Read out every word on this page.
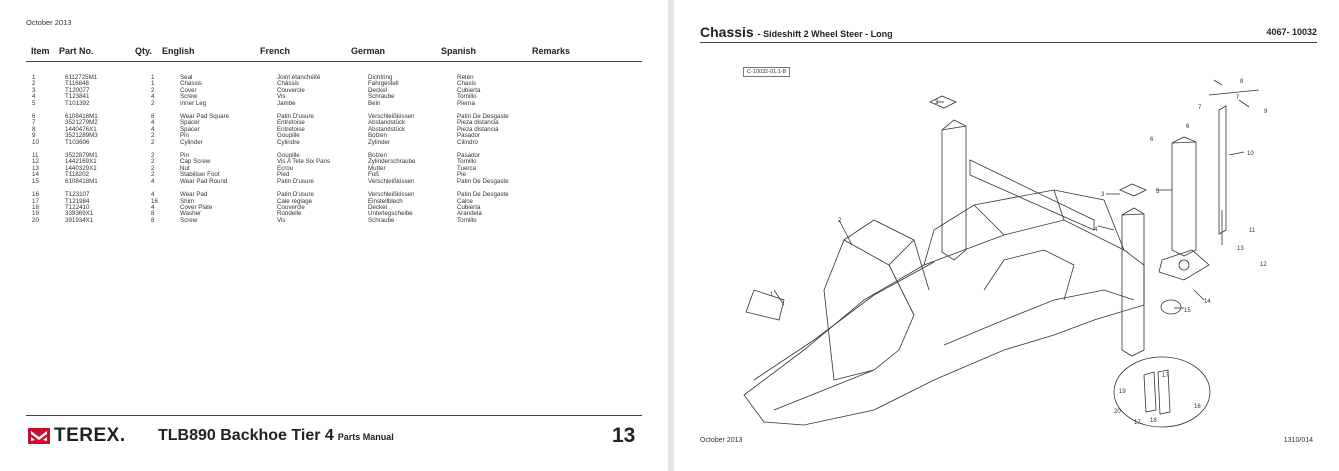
October 2013
Item Part No.	Qty. English	French	German	Spanish	Remarks
1	6112725M1	1	Seal	Joint étanchéité	Dichtring	Retén
2	T116848	1	Chassis	Châssis	Fahrgestell	Chasis
3	T120077	2	Cover	Couvercle	Deckel	Cubierta
4	T123841	4	Screw	Vis	Schraube	Tornillo
5	T101392	2	Inner Leg	Jambe	Bein	Pierna

6	6108416M1	8	Wear Pad Square	Patin D'usure	Verschleißkissen	Patin De Desgaste
7	3521279M2	4	Spacer	Entretoise	Abstandstück	Pieza distancia
8	1440476X1	4	Spacer	Entretoise	Abstandstück	Pieza distancia
9	3521289M3	2	Pin	Goupille	Bolzen	Pasador
10	T103606	2	Cylinder	Cylindre	Zylinder	Cilindro

11	3522879M1	2	Pin	Goupille	Bolzen	Pasador
12	1442169X1	2	Cap Screw	Vis A Tete Six Pans	Zylinderschraube	Tornillo
13	1440329X1	2	Nut	Ecrou	Mutter	Tuerca
14	T118202	2	Stabiliser Foot	Pied	Fuß	Pie
15	6108418M1	4	Wear Pad Round	Patin D'usure	Verschleißkissen	Patin De Desgaste

16	T123107	4	Wear Pad	Patin D'usure	Verschleißkissen	Patin De Desgaste
17	T121984	16	Shim	Cale réglage	Einstellblech	Calce
18	T122410	4	Cover Plate	Couvercle	Deckel	Cubierta
19	339369X1	8	Washer	Rondelle	Unterlegscheibe	Arandela
20	391934X1	8	Screw	Vis	Schraube	Tornillo
TEREX. TLB890 Backhoe Tier 4 Parts Manual	13
Chassis - Sideshift 2 Wheel Steer - Long	4067- 10032
1
2
3
3
4
5
6
6
7
7
8
9
10
11
12
13
14
15
16
17
17 18
19
20
C-10032-01.1-B
October 2013	1310/014
